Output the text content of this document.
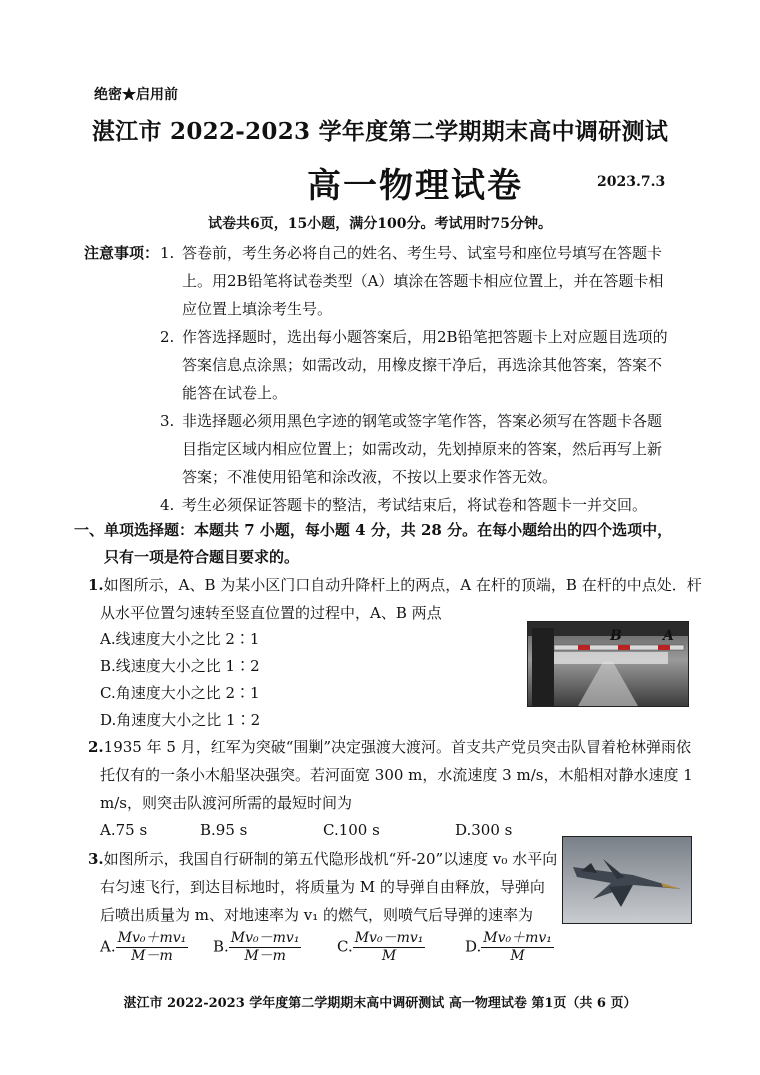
绝密★启用前
湛江市 2022-2023 学年度第二学期期末高中调研测试
高一物理试卷	2023.7.3
试卷共6页，15小题，满分100分。考试用时75分钟。
注意事项： 1. 答卷前，考生务必将自己的姓名、考生号、试室号和座位号填写在答题卡
上。用2B铅笔将试卷类型（A）填涂在答题卡相应位置上，并在答题卡相
应位置上填涂考生号。
2. 作答选择题时，选出每小题答案后，用2B铅笔把答题卡上对应题目选项的
答案信息点涂黑；如需改动，用橡皮擦干净后，再选涂其他答案，答案不
能答在试卷上。
3. 非选择题必须用黑色字迹的钢笔或签字笔作答，答案必须写在答题卡各题
目指定区域内相应位置上；如需改动，先划掉原来的答案，然后再写上新
答案；不准使用铅笔和涂改液，不按以上要求作答无效。
4. 考生必须保证答题卡的整洁，考试结束后，将试卷和答题卡一并交回。
一、单项选择题：本题共 7 小题，每小题 4 分，共 28 分。在每小题给出的四个选项中，
只有一项是符合题目要求的。
1.如图所示，A、B 为某小区门口自动升降杆上的两点，A 在杆的顶端，B 在杆的中点处．杆
从水平位置匀速转至竖直位置的过程中，A、B 两点
A.线速度大小之比 2∶1
B.线速度大小之比 1∶2
C.角速度大小之比 2∶1
D.角速度大小之比 1∶2
B	A
2.1935 年 5 月，红军为突破“围剿”决定强渡大渡河。首支共产党员突击队冒着枪林弹雨依
托仅有的一条小木船坚决强突。若河面宽 300 m，水流速度 3 m/s，木船相对静水速度 1
m/s，则突击队渡河所需的最短时间为
A.75 s	B.95 s	C.100 s	D.300 s
3.如图所示，我国自行研制的第五代隐形战机“歼-20”以速度 v₀ 水平向
右匀速飞行，到达目标地时，将质量为 M 的导弹自由释放，导弹向
后喷出质量为 m、对地速率为 v₁ 的燃气，则喷气后导弹的速率为
A. $\frac{\text{Mv₀＋mv₁}}{M-m} B$. $\frac{\text{Mv₀－mv₁}}{M-m} C$. $\frac{\text{Mv₀－mv₁}}{M}$	D. $\frac{\text{Mv₀＋mv₁}}{M}$
湛江市 2022-2023 学年度第二学期期末高中调研测试 高一物理试卷 第1页（共 6 页）
